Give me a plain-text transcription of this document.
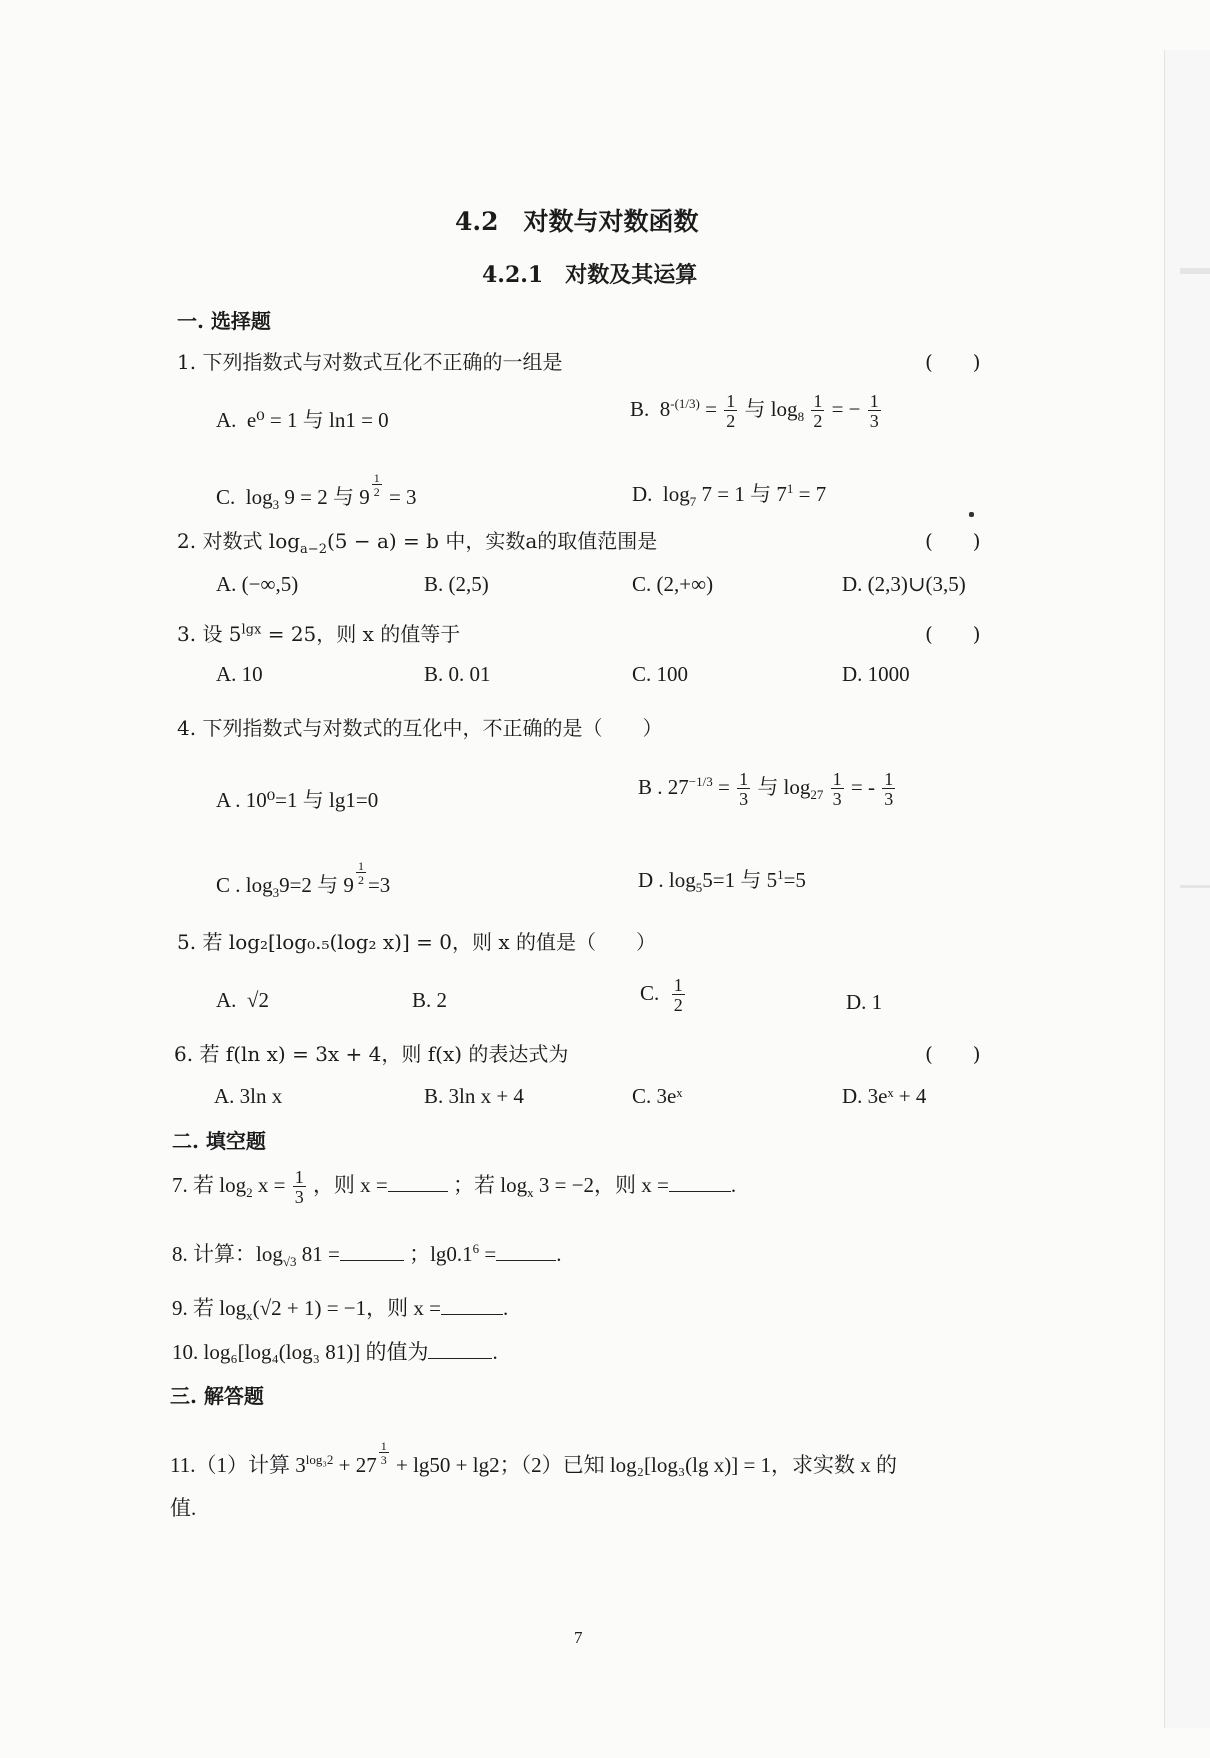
4.2　对数与对数函数
4.2.1　对数及其运算
一. 选择题
1. 下列指数式与对数式互化不正确的一组是	(　　)
A. e⁰ = 1 与 ln1 = 0	B. $8^{-(1/3)} = \frac{1}{2}$ 与 $\log_8 \frac{1}{2}$ = − $\frac{1}{3}$
C. $\log_3 9 = 2$ 与 $9 \frac{1}{2} = 3$	D. $\log_7 7 = 1$ 与 $7^1 = 7$
2. 对数式 $\log_{a-2}(5 - a) = b$ 中，实数a的取值范围是	(　　)
A. (−∞,5)	B. (2,5)	C. (2,+∞)	D. (2,3)∪(3,5)
3. 设 $5^{lgx} = 25$，则 x 的值等于	(　　)
A. 10	B. 0. 01	C. 100	D. 1000
4. 下列指数式与对数式的互化中，不正确的是（　　）
A . 10⁰=1 与 lg1=0
B . $27^{-1/3} = \frac{1}{3}$ 与 $\log_{27} \frac{1}{3}$ = - $\frac{1}{3}$
C . $\log_39=2$ 与 $9 \frac{1}{2} =3$	D . $\log_55=1$ 与 $5^1=5$
5. 若 log₂[log₀.₅(log₂ x)] = 0，则 x 的值是（　　）
A. √2	B. 2	C. $\frac{1}{2}$	D. 1
6. 若 f(ln x) = 3x + 4，则 f(x) 的表达式为	(　　)
A. 3ln x	B. 3ln x + 4	C. 3eˣ	D. 3eˣ + 4
二. 填空题
7. 若 $\log_2 x = \frac{1}{3}$ ，则 x =	；若 $\log_x 3 = -2$，则 x =	.
8. 计算：$\log_{√3} 81$ =	；$\lg 0.1^6$ =	.
9. 若 $\log_x(√2 + 1) = -1$，则 x =	.
10. log₆[log₄(log₃ 81)] 的值为	.
三. 解答题
11.（1）计算 $3^{log_32} + 27 \frac{1}{3} + \lg 50 + \lg 2$；（2）已知 log₂[log₃(lg x)] = 1，求实数 x 的
值.
7
